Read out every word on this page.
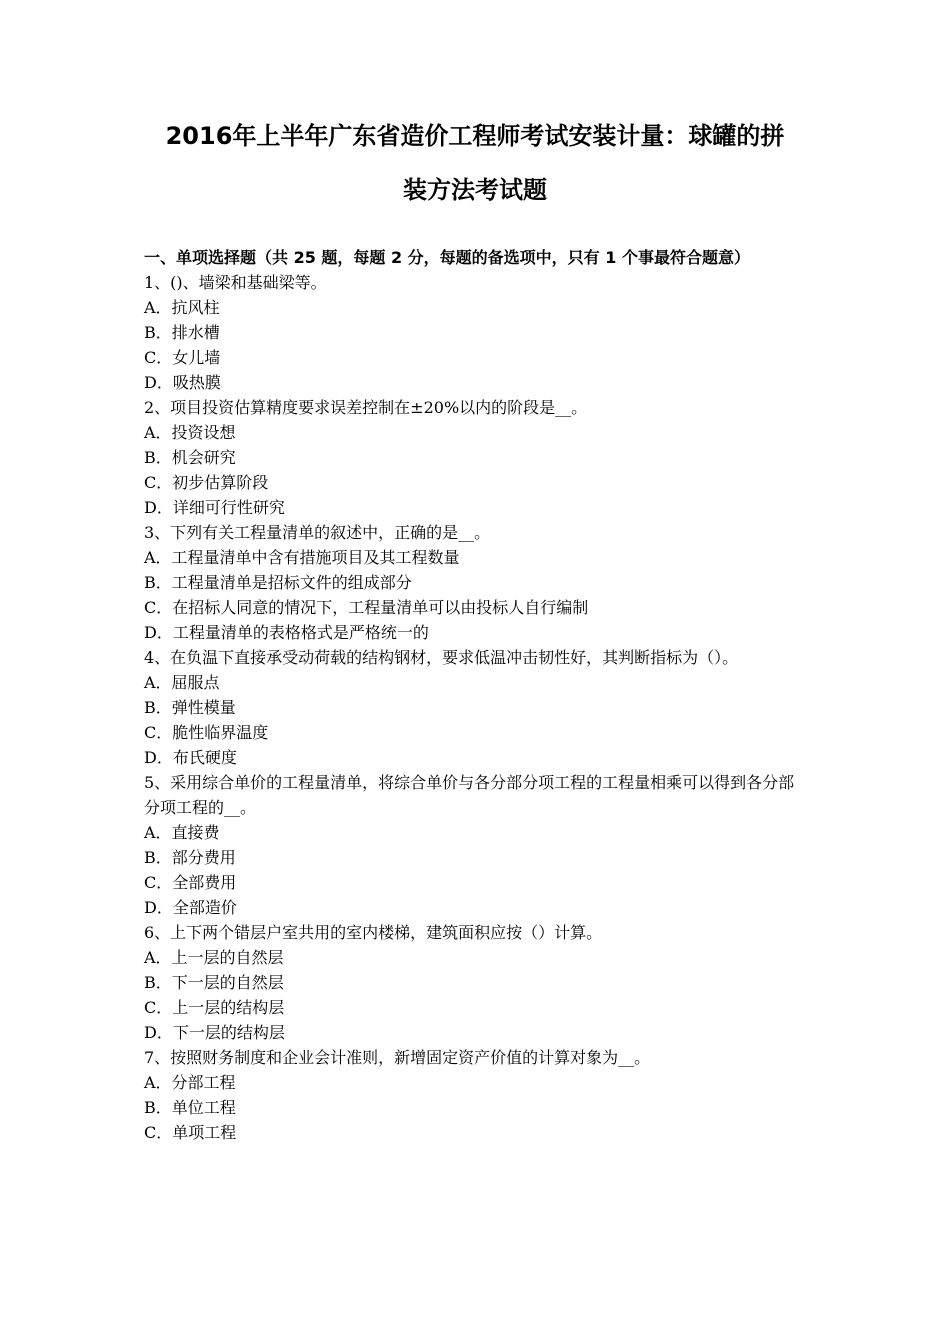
2016年上半年广东省造价工程师考试安装计量：球罐的拼
装方法考试题
一、单项选择题（共 25 题，每题 2 分，每题的备选项中，只有 1 个事最符合题意）
1、()、墙梁和基础梁等。
A．抗风柱
B．排水槽
C．女儿墙
D．吸热膜
2、项目投资估算精度要求误差控制在±20%以内的阶段是__。
A．投资设想
B．机会研究
C．初步估算阶段
D．详细可行性研究
3、下列有关工程量清单的叙述中，正确的是__。
A．工程量清单中含有措施项目及其工程数量
B．工程量清单是招标文件的组成部分
C．在招标人同意的情况下，工程量清单可以由投标人自行编制
D．工程量清单的表格格式是严格统一的
4、在负温下直接承受动荷载的结构钢材，要求低温冲击韧性好，其判断指标为（）。
A．屈服点
B．弹性模量
C．脆性临界温度
D．布氏硬度
5、采用综合单价的工程量清单，将综合单价与各分部分项工程的工程量相乘可以得到各分部分项工程的__。
A．直接费
B．部分费用
C．全部费用
D．全部造价
6、上下两个错层户室共用的室内楼梯，建筑面积应按（）计算。
A．上一层的自然层
B．下一层的自然层
C．上一层的结构层
D．下一层的结构层
7、按照财务制度和企业会计准则，新增固定资产价值的计算对象为__。
A．分部工程
B．单位工程
C．单项工程
